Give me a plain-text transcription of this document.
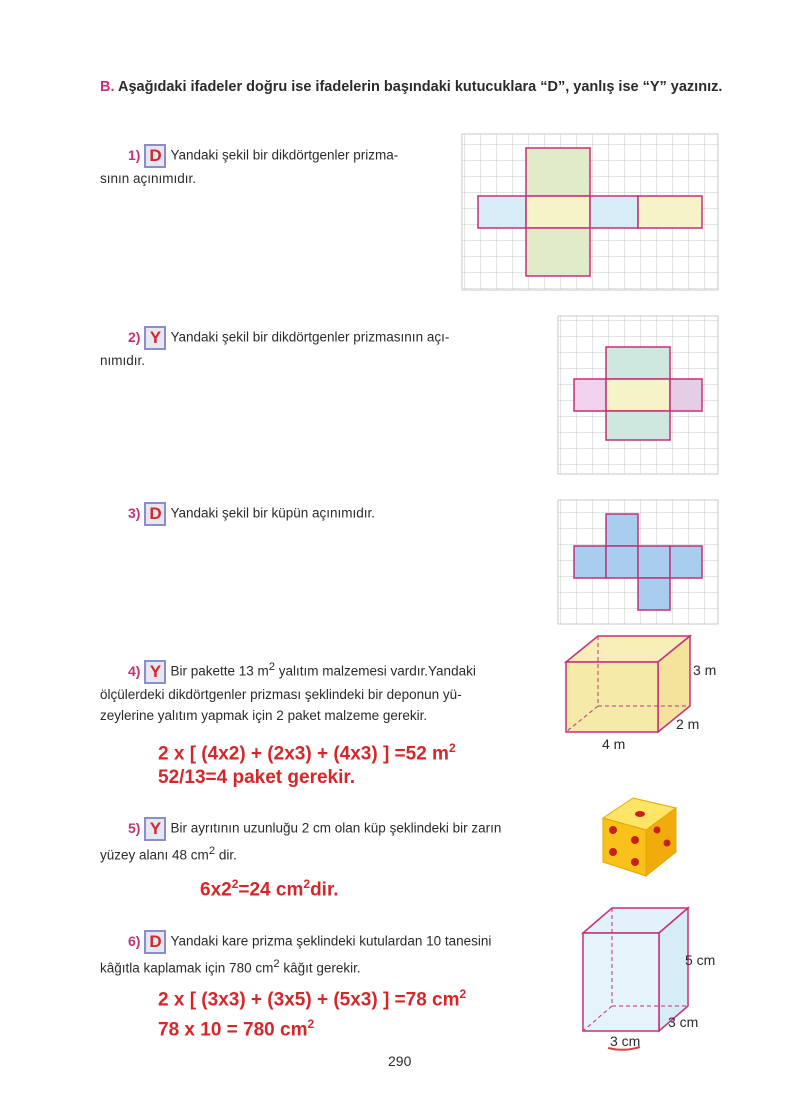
B. Aşağıdaki ifadeler doğru ise ifadelerin başındaki kutucuklara “D”, yanlış ise “Y” yazınız.
1) D Yandaki şekil bir dikdörtgenler prizma-
sının açınımıdır.
2) Y Yandaki şekil bir dikdörtgenler prizmasının açı-
nımıdır.
3) D Yandaki şekil bir küpün açınımıdır.
4) Y Bir pakette 13 $m^2$ yalıtım malzemesi vardır.Yandaki
ölçülerdeki dikdörtgenler prizması şeklindeki bir deponun yü-
zeylerine yalıtım yapmak için 2 paket malzeme gerekir.
2 x [ (4x2) + (2x3) + (4x3) ] =52 $m^2$
52/13=4 paket gerekir.
5) Y Bir ayrıtının uzunluğu 2 cm olan küp şeklindeki bir zarın
yüzey alanı 48 $cm^2$ dir.
$6x2^2=24$ $cm^2dir$.
6) D Yandaki kare prizma şeklindeki kutulardan 10 tanesini
kâğıtla kaplamak için 780 $cm^2$ kâğıt gerekir.
2 x [ (3x3) + (3x5) + (5x3) ] =78 $cm^2$
78 x 10 = 780 $cm^2$
3 m
2 m
4 m
5 cm
3 cm
3 cm
290
